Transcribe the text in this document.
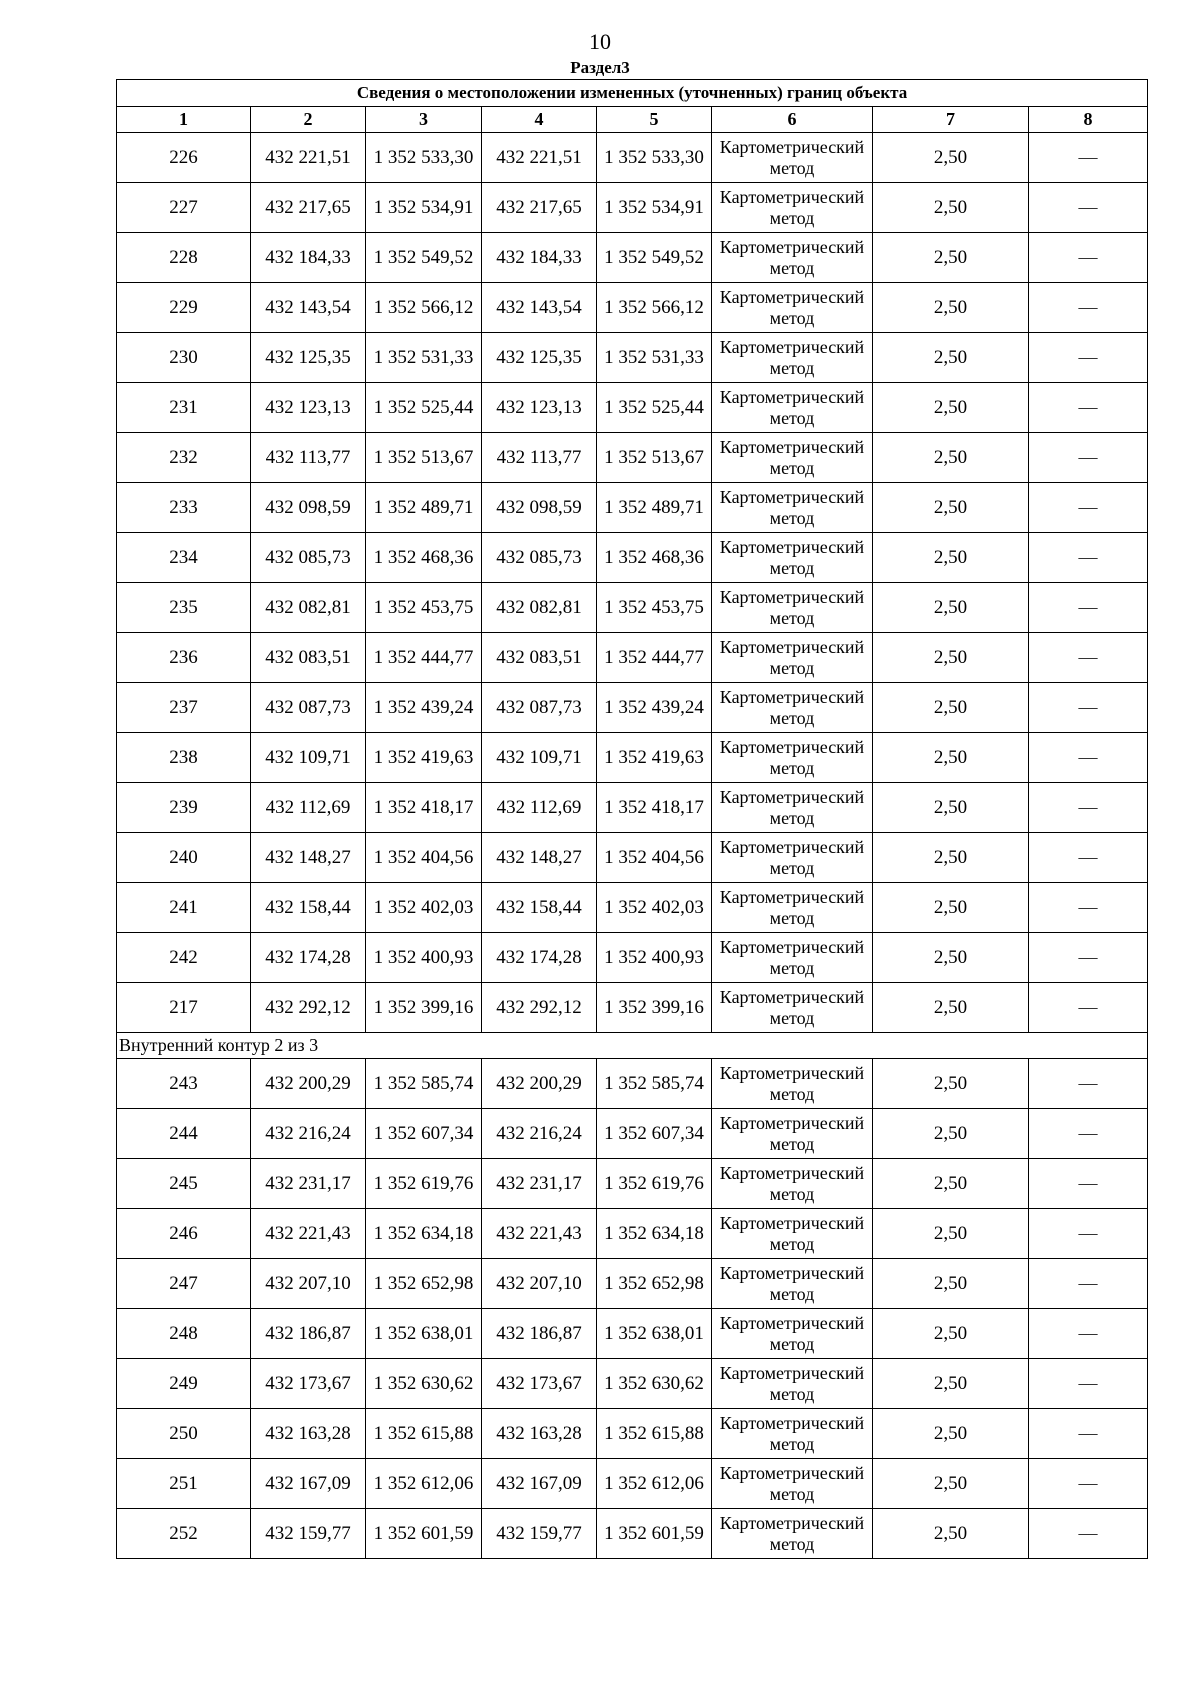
10
Раздел3
Сведения о местоположении измененных (уточненных) границ объекта							
1	2	3	4	5	6	7	8
226	432 221,51	1 352 533,30	432 221,51	1 352 533,30	Картометрический метод	2,50	—
227	432 217,65	1 352 534,91	432 217,65	1 352 534,91	Картометрический метод	2,50	—
228	432 184,33	1 352 549,52	432 184,33	1 352 549,52	Картометрический метод	2,50	—
229	432 143,54	1 352 566,12	432 143,54	1 352 566,12	Картометрический метод	2,50	—
230	432 125,35	1 352 531,33	432 125,35	1 352 531,33	Картометрический метод	2,50	—
231	432 123,13	1 352 525,44	432 123,13	1 352 525,44	Картометрический метод	2,50	—
232	432 113,77	1 352 513,67	432 113,77	1 352 513,67	Картометрический метод	2,50	—
233	432 098,59	1 352 489,71	432 098,59	1 352 489,71	Картометрический метод	2,50	—
234	432 085,73	1 352 468,36	432 085,73	1 352 468,36	Картометрический метод	2,50	—
235	432 082,81	1 352 453,75	432 082,81	1 352 453,75	Картометрический метод	2,50	—
236	432 083,51	1 352 444,77	432 083,51	1 352 444,77	Картометрический метод	2,50	—
237	432 087,73	1 352 439,24	432 087,73	1 352 439,24	Картометрический метод	2,50	—
238	432 109,71	1 352 419,63	432 109,71	1 352 419,63	Картометрический метод	2,50	—
239	432 112,69	1 352 418,17	432 112,69	1 352 418,17	Картометрический метод	2,50	—
240	432 148,27	1 352 404,56	432 148,27	1 352 404,56	Картометрический метод	2,50	—
241	432 158,44	1 352 402,03	432 158,44	1 352 402,03	Картометрический метод	2,50	—
242	432 174,28	1 352 400,93	432 174,28	1 352 400,93	Картометрический метод	2,50	—
217	432 292,12	1 352 399,16	432 292,12	1 352 399,16	Картометрический метод	2,50	—
Внутренний контур 2 из 3							
243	432 200,29	1 352 585,74	432 200,29	1 352 585,74	Картометрический метод	2,50	—
244	432 216,24	1 352 607,34	432 216,24	1 352 607,34	Картометрический метод	2,50	—
245	432 231,17	1 352 619,76	432 231,17	1 352 619,76	Картометрический метод	2,50	—
246	432 221,43	1 352 634,18	432 221,43	1 352 634,18	Картометрический метод	2,50	—
247	432 207,10	1 352 652,98	432 207,10	1 352 652,98	Картометрический метод	2,50	—
248	432 186,87	1 352 638,01	432 186,87	1 352 638,01	Картометрический метод	2,50	—
249	432 173,67	1 352 630,62	432 173,67	1 352 630,62	Картометрический метод	2,50	—
250	432 163,28	1 352 615,88	432 163,28	1 352 615,88	Картометрический метод	2,50	—
251	432 167,09	1 352 612,06	432 167,09	1 352 612,06	Картометрический метод	2,50	—
252	432 159,77	1 352 601,59	432 159,77	1 352 601,59	Картометрический метод	2,50	—
